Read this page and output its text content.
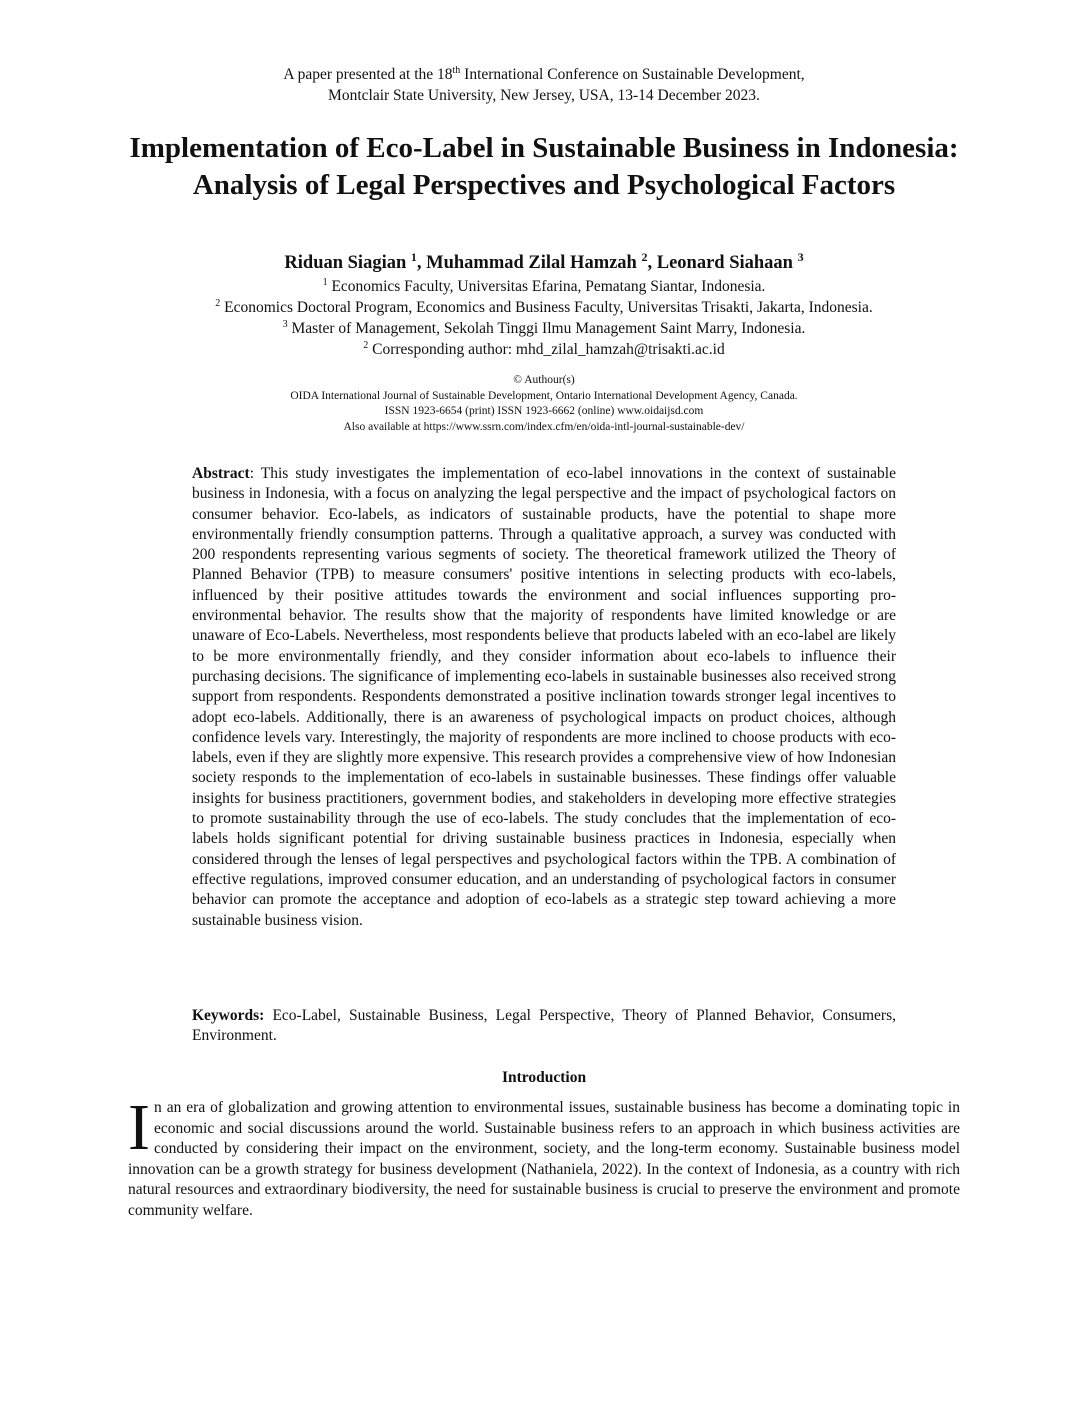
A paper presented at the 18th International Conference on Sustainable Development,
Montclair State University, New Jersey, USA, 13-14 December 2023.
Implementation of Eco-Label in Sustainable Business in Indonesia: Analysis of Legal Perspectives and Psychological Factors
Riduan Siagian $^1$, Muhammad Zilal Hamzah $^2$, Leonard Siahaan $^3$
$^1$ Economics Faculty, Universitas Efarina, Pematang Siantar, Indonesia.
$^2$ Economics Doctoral Program, Economics and Business Faculty, Universitas Trisakti, Jakarta, Indonesia.
$^3$ Master of Management, Sekolah Tinggi Ilmu Management Saint Marry, Indonesia.
$^2$ Corresponding author: mhd_zilal_hamzah@trisakti.ac.id
© Authour(s)
OIDA International Journal of Sustainable Development, Ontario International Development Agency, Canada.
ISSN 1923-6654 (print) ISSN 1923-6662 (online) www.oidaijsd.com
Also available at https://www.ssrn.com/index.cfm/en/oida-intl-journal-sustainable-dev/

Abstract: This study investigates the implementation of eco-label innovations in the context of sustainable business in Indonesia, with a focus on analyzing the legal perspective and the impact of psychological factors on consumer behavior. Eco-labels, as indicators of sustainable products, have the potential to shape more environmentally friendly consumption patterns. Through a qualitative approach, a survey was conducted with 200 respondents representing various segments of society. The theoretical framework utilized the Theory of Planned Behavior (TPB) to measure consumers' positive intentions in selecting products with eco-labels, influenced by their positive attitudes towards the environment and social influences supporting pro-environmental behavior. The results show that the majority of respondents have limited knowledge or are unaware of Eco-Labels. Nevertheless, most respondents believe that products labeled with an eco-label are likely to be more environmentally friendly, and they consider information about eco-labels to influence their purchasing decisions. The significance of implementing eco-labels in sustainable businesses also received strong support from respondents. Respondents demonstrated a positive inclination towards stronger legal incentives to adopt eco-labels. Additionally, there is an awareness of psychological impacts on product choices, although confidence levels vary. Interestingly, the majority of respondents are more inclined to choose products with eco-labels, even if they are slightly more expensive. This research provides a comprehensive view of how Indonesian society responds to the implementation of eco-labels in sustainable businesses. These findings offer valuable insights for business practitioners, government bodies, and stakeholders in developing more effective strategies to promote sustainability through the use of eco-labels. The study concludes that the implementation of eco-labels holds significant potential for driving sustainable business practices in Indonesia, especially when considered through the lenses of legal perspectives and psychological factors within the TPB. A combination of effective regulations, improved consumer education, and an understanding of psychological factors in consumer behavior can promote the acceptance and adoption of eco-labels as a strategic step toward achieving a more sustainable business vision.

Keywords: Eco-Label, Sustainable Business, Legal Perspective, Theory of Planned Behavior, Consumers, Environment.

Introduction

In an era of globalization and growing attention to environmental issues, sustainable business has become a dominating topic in economic and social discussions around the world. Sustainable business refers to an approach in which business activities are conducted by considering their impact on the environment, society, and the long-term economy. Sustainable business model innovation can be a growth strategy for business development (Nathaniela, 2022). In the context of Indonesia, as a country with rich natural resources and extraordinary biodiversity, the need for sustainable business is crucial to preserve the environment and promote community welfare.
